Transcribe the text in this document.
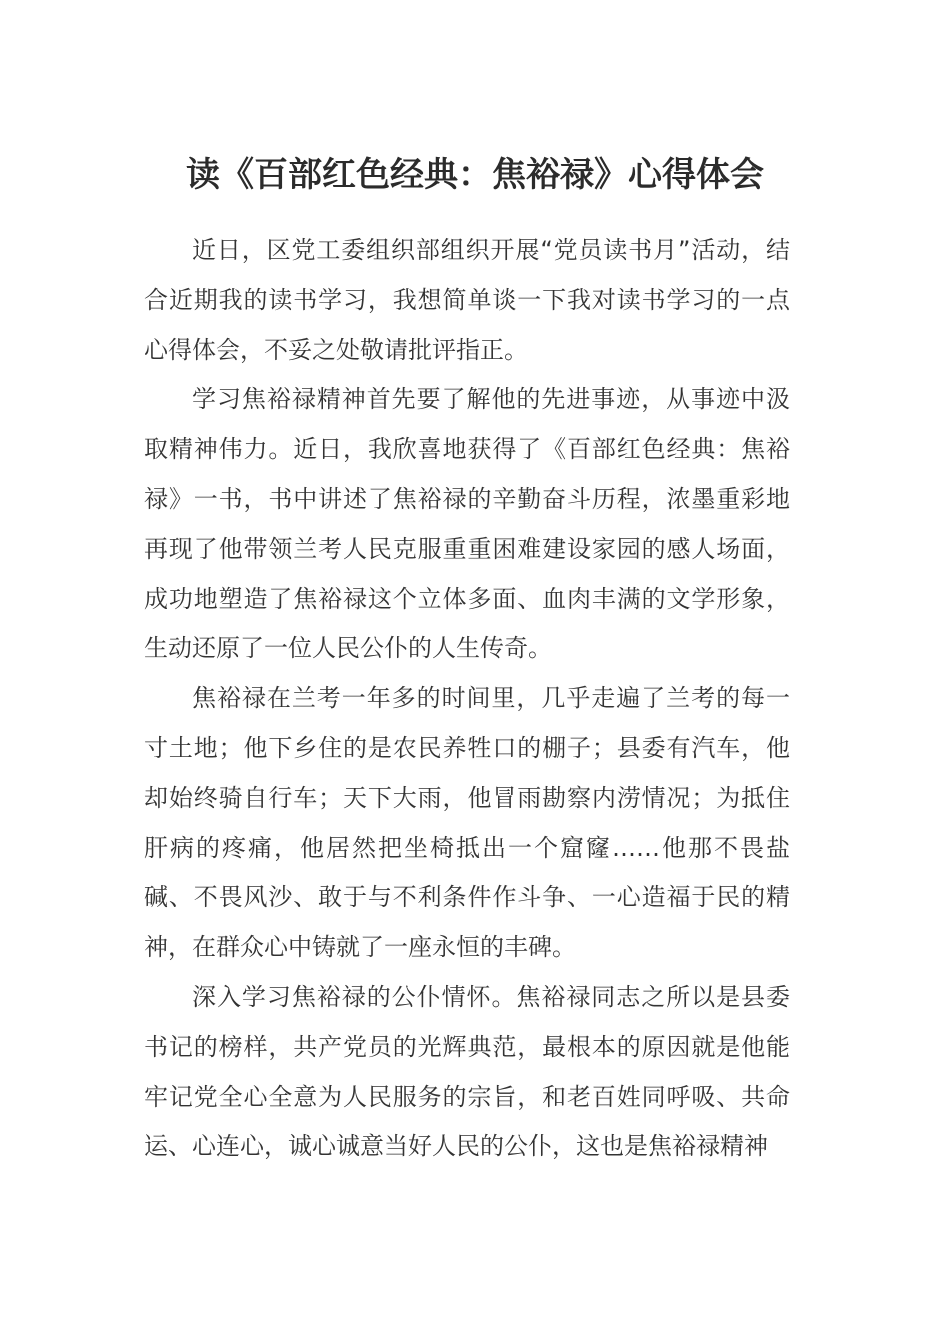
读《百部红色经典：焦裕禄》心得体会

近日，区党工委组织部组织开展“党员读书月”活动，结合近期我的读书学习，我想简单谈一下我对读书学习的一点心得体会，不妥之处敬请批评指正。

学习焦裕禄精神首先要了解他的先进事迹，从事迹中汲取精神伟力。近日，我欣喜地获得了《百部红色经典：焦裕禄》一书，书中讲述了焦裕禄的辛勤奋斗历程，浓墨重彩地再现了他带领兰考人民克服重重困难建设家园的感人场面，成功地塑造了焦裕禄这个立体多面、血肉丰满的文学形象，生动还原了一位人民公仆的人生传奇。

焦裕禄在兰考一年多的时间里，几乎走遍了兰考的每一寸土地；他下乡住的是农民养牲口的棚子；县委有汽车，他却始终骑自行车；天下大雨，他冒雨勘察内涝情况；为抵住肝病的疼痛，他居然把坐椅抵出一个窟窿……他那不畏盐碱、不畏风沙、敢于与不利条件作斗争、一心造福于民的精神，在群众心中铸就了一座永恒的丰碑。

深入学习焦裕禄的公仆情怀。焦裕禄同志之所以是县委书记的榜样，共产党员的光辉典范，最根本的原因就是他能牢记党全心全意为人民服务的宗旨，和老百姓同呼吸、共命运、心连心，诚心诚意当好人民的公仆，这也是焦裕禄精神
